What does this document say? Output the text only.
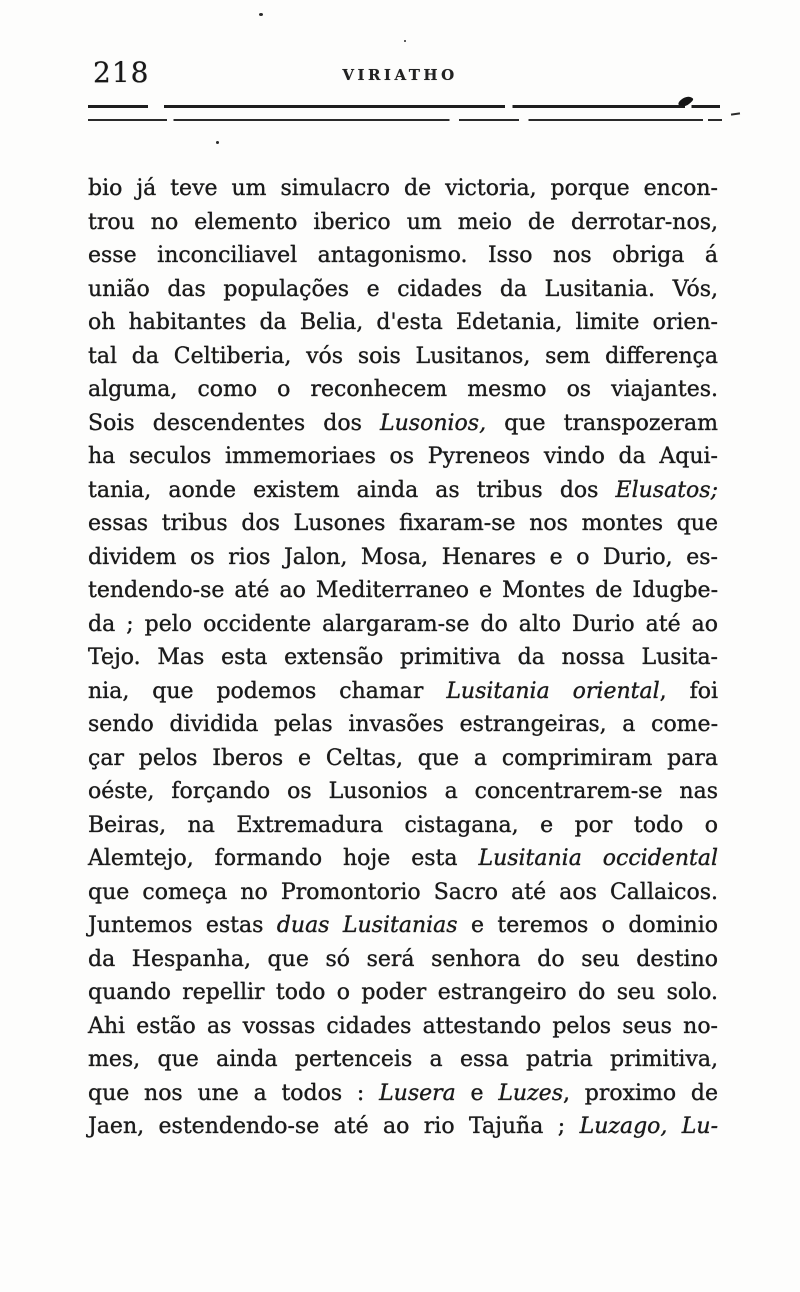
218	VIRIATHO
bio já teve um simulacro de victoria, porque encon-
trou no elemento iberico um meio de derrotar-nos,
esse inconciliavel antagonismo. Isso nos obriga á
união das populações e cidades da Lusitania. Vós,
oh habitantes da Belia, d'esta Edetania, limite orien-
tal da Celtiberia, vós sois Lusitanos, sem differença
alguma, como o reconhecem mesmo os viajantes.
Sois descendentes dos Lusonios, que transpozeram
ha seculos immemoriaes os Pyreneos vindo da Aqui-
tania, aonde existem ainda as tribus dos Elusatos;
essas tribus dos Lusones fixaram-se nos montes que
dividem os rios Jalon, Mosa, Henares e o Durio, es-
tendendo-se até ao Mediterraneo e Montes de Idugbe-
da ; pelo occidente alargaram-se do alto Durio até ao
Tejo. Mas esta extensão primitiva da nossa Lusita-
nia, que podemos chamar Lusitania oriental, foi
sendo dividida pelas invasões estrangeiras, a come-
çar pelos Iberos e Celtas, que a comprimiram para
oéste, forçando os Lusonios a concentrarem-se nas
Beiras, na Extremadura cistagana, e por todo o
Alemtejo, formando hoje esta Lusitania occidental
que começa no Promontorio Sacro até aos Callaicos.
Juntemos estas duas Lusitanias e teremos o dominio
da Hespanha, que só será senhora do seu destino
quando repellir todo o poder estrangeiro do seu solo.
Ahi estão as vossas cidades attestando pelos seus no-
mes, que ainda pertenceis a essa patria primitiva,
que nos une a todos : Lusera e Luzes, proximo de
Jaen, estendendo-se até ao rio Tajuña ; Luzago, Lu-
